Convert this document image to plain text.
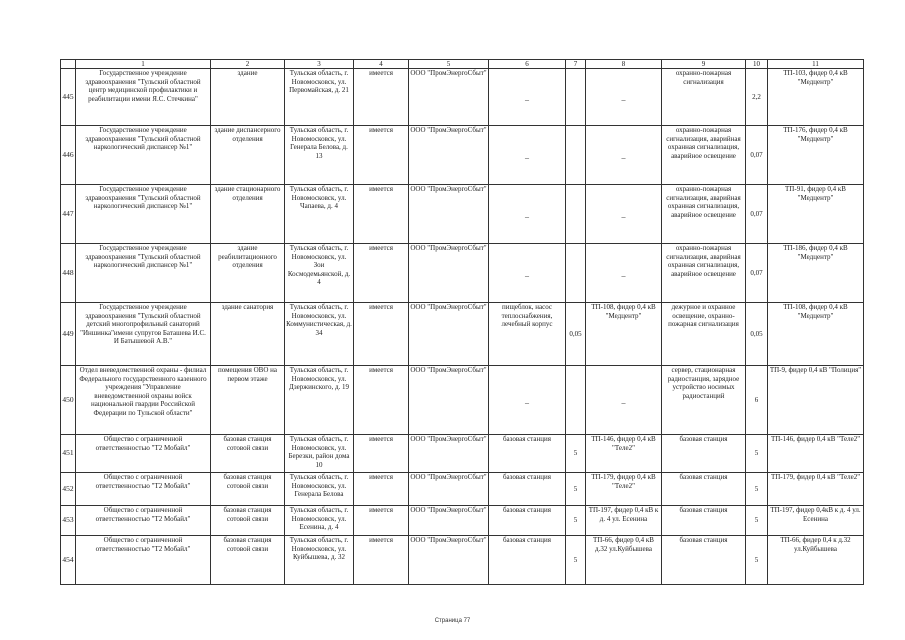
	1	2	3	4	5	6	7	8	9	10	11
445	Государственное учреждение здравоохранения "Тульский областной центр медицинской профилактики и реабилитации имени Я.С. Стечкина"	здание	Тульская область, г. Новомосковск, ул. Первомайская, д. 21	имеется	ООО "ПромЭнергоСбыт"	–		–	охранно-пожарная сигнализация	2,2	ТП-103, фидер 0,4 кВ "Медцентр"
446	Государственное учреждение здравоохранения "Тульский областной наркологический диспансер №1"	здание диспансерного отделения	Тульская область, г. Новомосковск, ул. Генерала Белова, д. 13	имеется	ООО "ПромЭнергоСбыт"	–		–	охранно-пожарная сигнализация, аварийная охранная сигнализация, аварийное освещение	0,07	ТП-176, фидер 0,4 кВ "Медцентр"
447	Государственное учреждение здравоохранения "Тульский областной наркологический диспансер №1"	здание стационарного отделения	Тульская область, г. Новомосковск, ул. Чапаева, д. 4	имеется	ООО "ПромЭнергоСбыт"	–		–	охранно-пожарная сигнализация, аварийная охранная сигнализация, аварийное освещение	0,07	ТП-91, фидер 0,4 кВ "Медцентр"
448	Государственное учреждение здравоохранения "Тульский областной наркологический диспансер №1"	здание реабилитационного отделения	Тульская область, г. Новомосковск, ул. Зои Космодемьянской, д. 4	имеется	ООО "ПромЭнергоСбыт"	–		–	охранно-пожарная сигнализация, аварийная охранная сигнализация, аварийное освещение	0,07	ТП-186, фидер 0,4 кВ "Медцентр"
449	Государственное учреждение здравоохранения "Тульский областной детский многопрофильный санаторий "Иншинка"имени супругов Баташева И.С. И Батышевой А.В."	здание санатория	Тульская область, г. Новомосковск, ул. Коммунистическая, д. 34	имеется	ООО "ПромЭнергоСбыт"	пищеблок, насос теплоснабжения, лечебный корпус	0,05	ТП-108, фидер 0,4 кВ "Медцентр"	дежурное и охранное освещение, охранно-пожарная сигнализация	0,05	ТП-108, фидер 0,4 кВ "Медцентр"
450	Отдел вневедомственной охраны - филиал Федерального государственного казенного учреждения "Управление вневедомственной охраны войск национальной гвардии Российской Федерации по Тульской области"	помещения ОВО на первом этаже	Тульская область, г. Новомосковск, ул. Дзержинского, д. 19	имеется	ООО "ПромЭнергоСбыт"	–		–	сервер, стационарная радиостанция, зарядное устройство носимых радиостанций	6	ТП-9, фидер 0,4 кВ "Полиция"
451	Общество с ограниченной ответственностью "Т2 Мобайл"	базовая станция сотовой связи	Тульская область, г. Новомосковск, ул. Березки, район дома 10	имеется	ООО "ПромЭнергоСбыт"	базовая станция	5	ТП-146, фидер 0,4 кВ "Теле2"	базовая станция	5	ТП-146, фидер 0,4 кВ "Теле2"
452	Общество с ограниченной ответственностью "Т2 Мобайл"	базовая станция сотовой связи	Тульская область, г. Новомосковск, ул. Генерала Белова	имеется	ООО "ПромЭнергоСбыт"	базовая станция	5	ТП-179, фидер 0,4 кВ "Теле2"	базовая станция	5	ТП-179, фидер 0,4 кВ "Теле2"
453	Общество с ограниченной ответственностью "Т2 Мобайл"	базовая станция сотовой связи	Тульская область, г. Новомосковск, ул. Есенина, д. 4	имеется	ООО "ПромЭнергоСбыт"	базовая станция	5	ТП-197, фидер 0,4 кВ к д. 4 ул. Есенина	базовая станция	5	ТП-197, фидер 0,4кВ к д. 4 ул. Есенина
454	Общество с ограниченной ответственностью "Т2 Мобайл"	базовая станция сотовой связи	Тульская область, г. Новомосковск, ул. Куйбышева, д. 32	имеется	ООО "ПромЭнергоСбыт"	базовая станция	5	ТП-66, фидер 0,4 кВ д.32 ул.Куйбышева	базовая станция	5	ТП-66, фидер 0,4 к д.32 ул.Куйбышева
Страница 77
